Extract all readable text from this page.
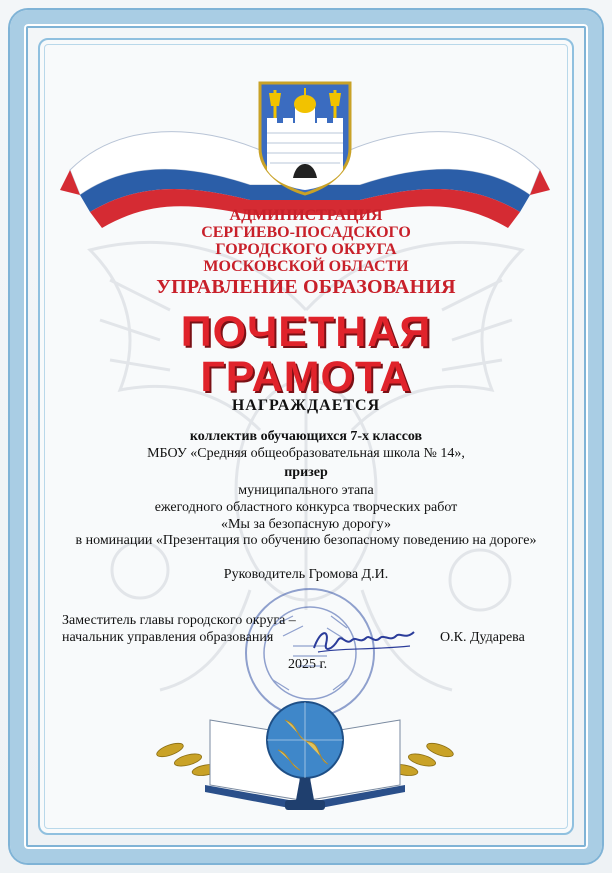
АДМИНИСТРАЦИЯ
СЕРГИЕВО-ПОСАДСКОГО
ГОРОДСКОГО ОКРУГА
МОСКОВСКОЙ ОБЛАСТИ
УПРАВЛЕНИЕ ОБРАЗОВАНИЯ
ПОЧЕТНАЯ
ГРАМОТА
НАГРАЖДАЕТСЯ
коллектив обучающихся 7-х классов
МБОУ «Средняя общеобразовательная школа № 14»,
призер
муниципального этапа
ежегодного областного конкурса творческих работ
«Мы за безопасную дорогу»
в номинации «Презентация по обучению безопасному поведению на дороге»
Руководитель Громова Д.И.
Заместитель главы городского округа –
начальник управления образования	О.К. Дударева
2025 г.
